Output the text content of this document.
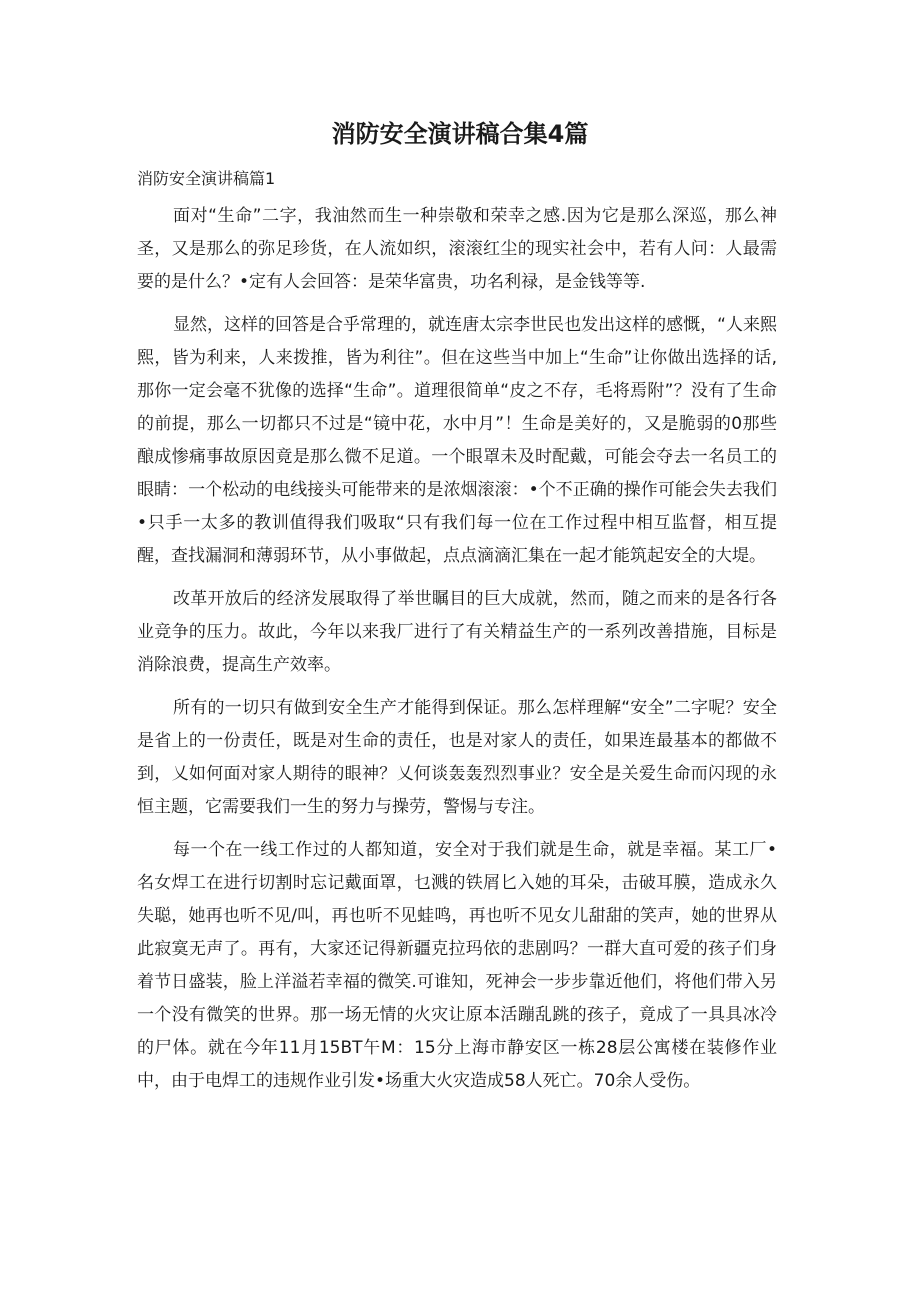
消防安全演讲稿合集4篇
消防安全演讲稿篇1

面对“生命”二字，我油然而生一种崇敬和荣幸之感.因为它是那么深巡，那么神圣，又是那么的弥足珍货，在人流如织，滚滚红尘的现实社会中，若有人问：人最需要的是什么？•定有人会回答：是荣华富贵，功名利禄，是金钱等等.

显然，这样的回答是合乎常理的，就连唐太宗李世民也发出这样的感慨，“人来熙熙，皆为利来，人来拨推，皆为利往”。但在这些当中加上“生命”让你做出选择的话,那你一定会毫不犹像的选择“生命”。道理很简单“皮之不存，毛将焉附”？没有了生命的前提，那么一切都只不过是“镜中花，水中月”！生命是美好的，又是脆弱的0那些酿成惨痛事故原因竟是那么微不足道。一个眼罩未及时配戴，可能会夺去一名员工的眼睛：一个松动的电线接头可能带来的是浓烟滚滚：•个不正确的操作可能会失去我们•只手一太多的教训值得我们吸取“只有我们每一位在工作过程中相互监督，相互提醒，查找漏洞和薄弱环节，从小事做起，点点滴滴汇集在一起才能筑起安全的大堤。

改革开放后的经济发展取得了举世瞩目的巨大成就，然而，随之而来的是各行各业竞争的压力。故此，今年以来我厂进行了有关精益生产的一系列改善措施，目标是消除浪费，提高生产效率。

所有的一切只有做到安全生产才能得到保证。那么怎样理解“安全”二字呢？安全是省上的一份责任，既是对生命的责任，也是对家人的责任，如果连最基本的都做不到，乂如何面对家人期待的眼神？乂何谈轰轰烈烈事业？安全是关爱生命而闪现的永恒主题，它需要我们一生的努力与操劳，警惕与专注。

每一个在一线工作过的人都知道，安全对于我们就是生命，就是幸福。某工厂•名女焊工在进行切割时忘记戴面罩，乜溅的铁屑匕入她的耳朵，击破耳膜，造成永久失聪，她再也听不见/叫，再也听不见蛙鸣，再也听不见女儿甜甜的笑声，她的世界从此寂寞无声了。再有，大家还记得新疆克拉玛依的悲剧吗？一群大直可爱的孩子们身着节日盛装，脸上洋溢若幸福的微笑.可谁知，死神会一步步靠近他们，将他们带入另一个没有微笑的世界。那一场无情的火灾让原本活蹦乱跳的孩子，竟成了一具具冰冷的尸体。就在今年11月15BT午M：15分上海市静安区一栋28层公寓楼在装修作业中，由于电焊工的违规作业引发•场重大火灾造成58人死亡。70余人受伤。
